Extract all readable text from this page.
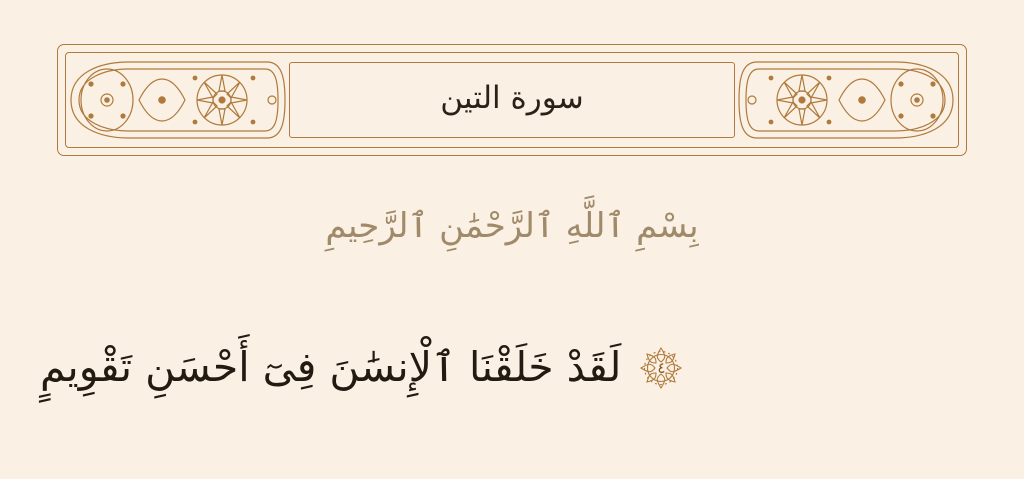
سورة التين
بِسْمِ ٱللَّهِ ٱلرَّحْمَٰنِ ٱلرَّحِيمِ
لَقَدْ خَلَقْنَا ٱلْإِنسَٰنَ فِىٓ أَحْسَنِ تَقْوِيمٍ ٤
